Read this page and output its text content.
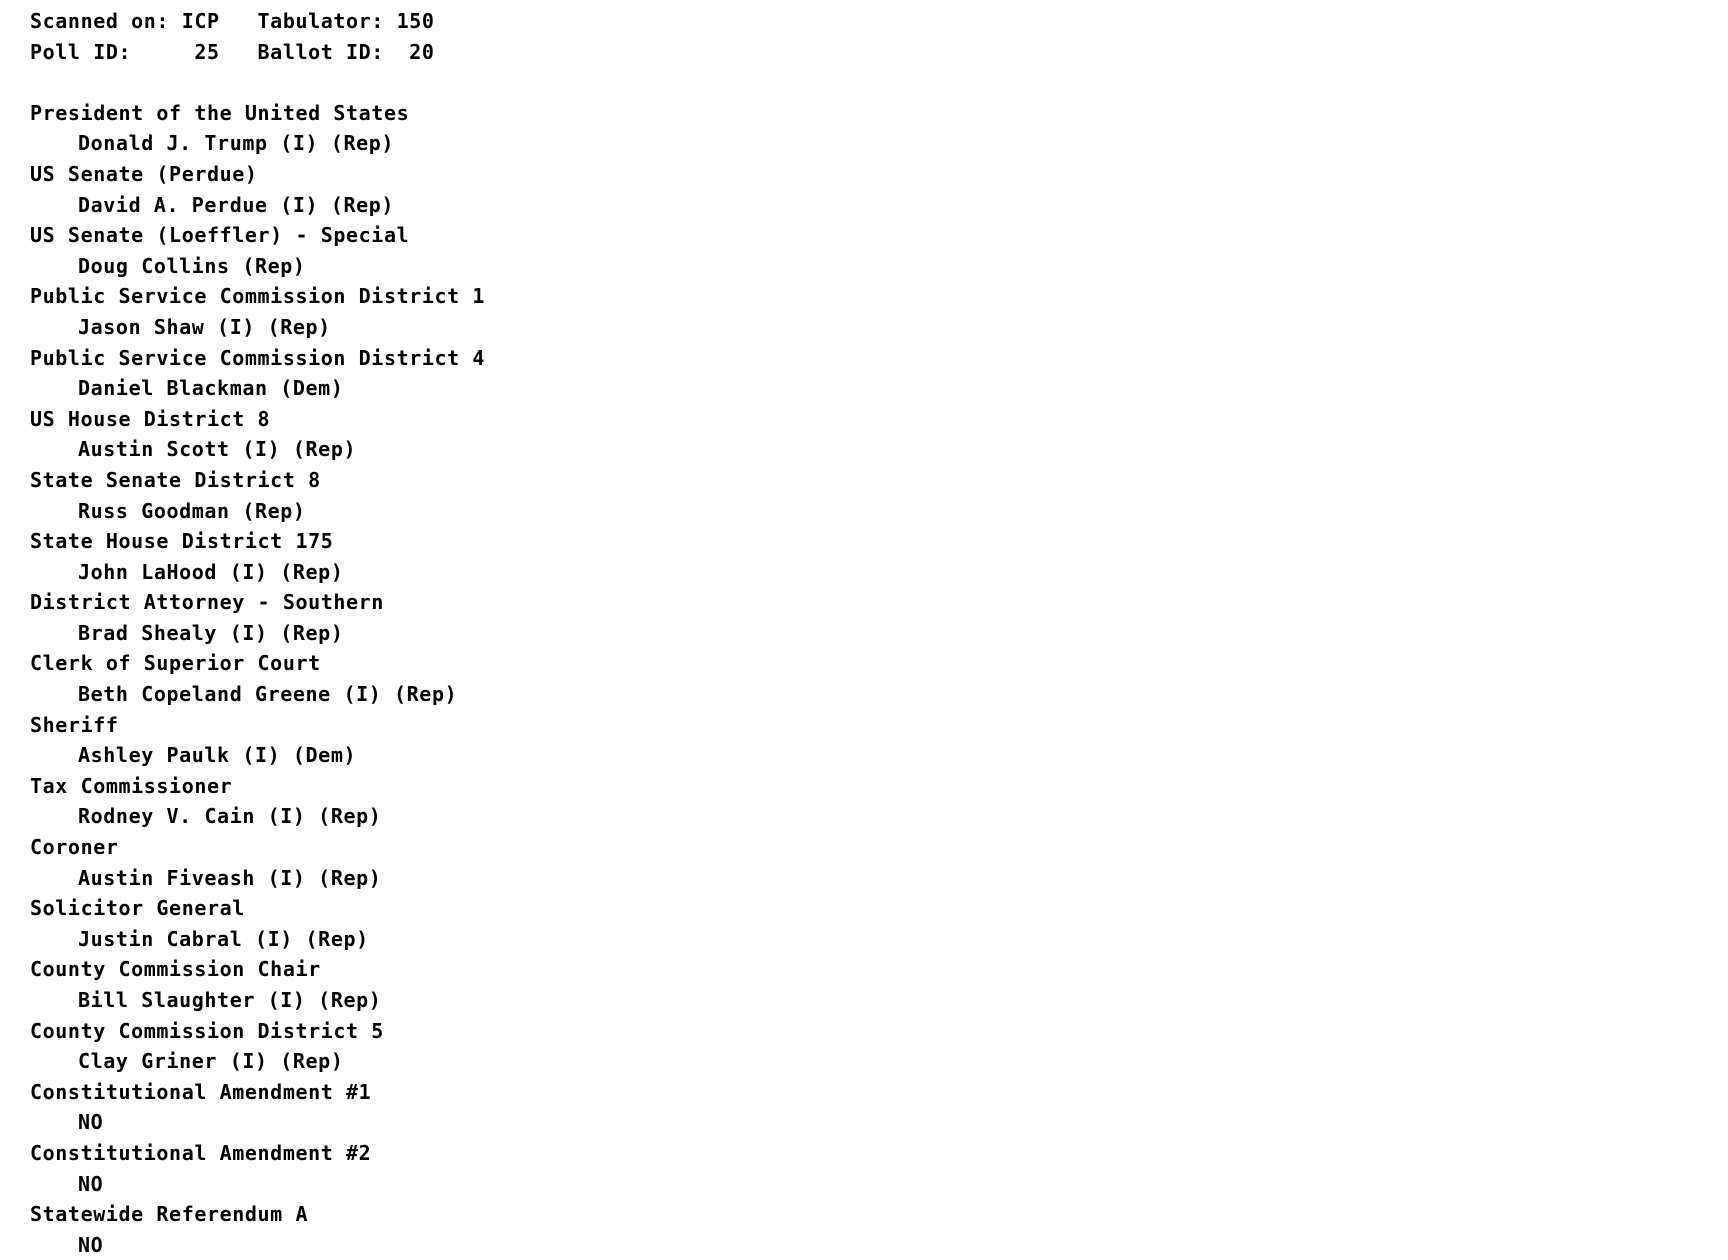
Scanned on: ICP   Tabulator: 150
Poll ID:     25   Ballot ID:  20
President of the United States
Donald J. Trump (I) (Rep)
US Senate (Perdue)
David A. Perdue (I) (Rep)
US Senate (Loeffler) - Special
Doug Collins (Rep)
Public Service Commission District 1
Jason Shaw (I) (Rep)
Public Service Commission District 4
Daniel Blackman (Dem)
US House District 8
Austin Scott (I) (Rep)
State Senate District 8
Russ Goodman (Rep)
State House District 175
John LaHood (I) (Rep)
District Attorney - Southern
Brad Shealy (I) (Rep)
Clerk of Superior Court
Beth Copeland Greene (I) (Rep)
Sheriff
Ashley Paulk (I) (Dem)
Tax Commissioner
Rodney V. Cain (I) (Rep)
Coroner
Austin Fiveash (I) (Rep)
Solicitor General
Justin Cabral (I) (Rep)
County Commission Chair
Bill Slaughter (I) (Rep)
County Commission District 5
Clay Griner (I) (Rep)
Constitutional Amendment #1
NO
Constitutional Amendment #2
NO
Statewide Referendum A
NO
